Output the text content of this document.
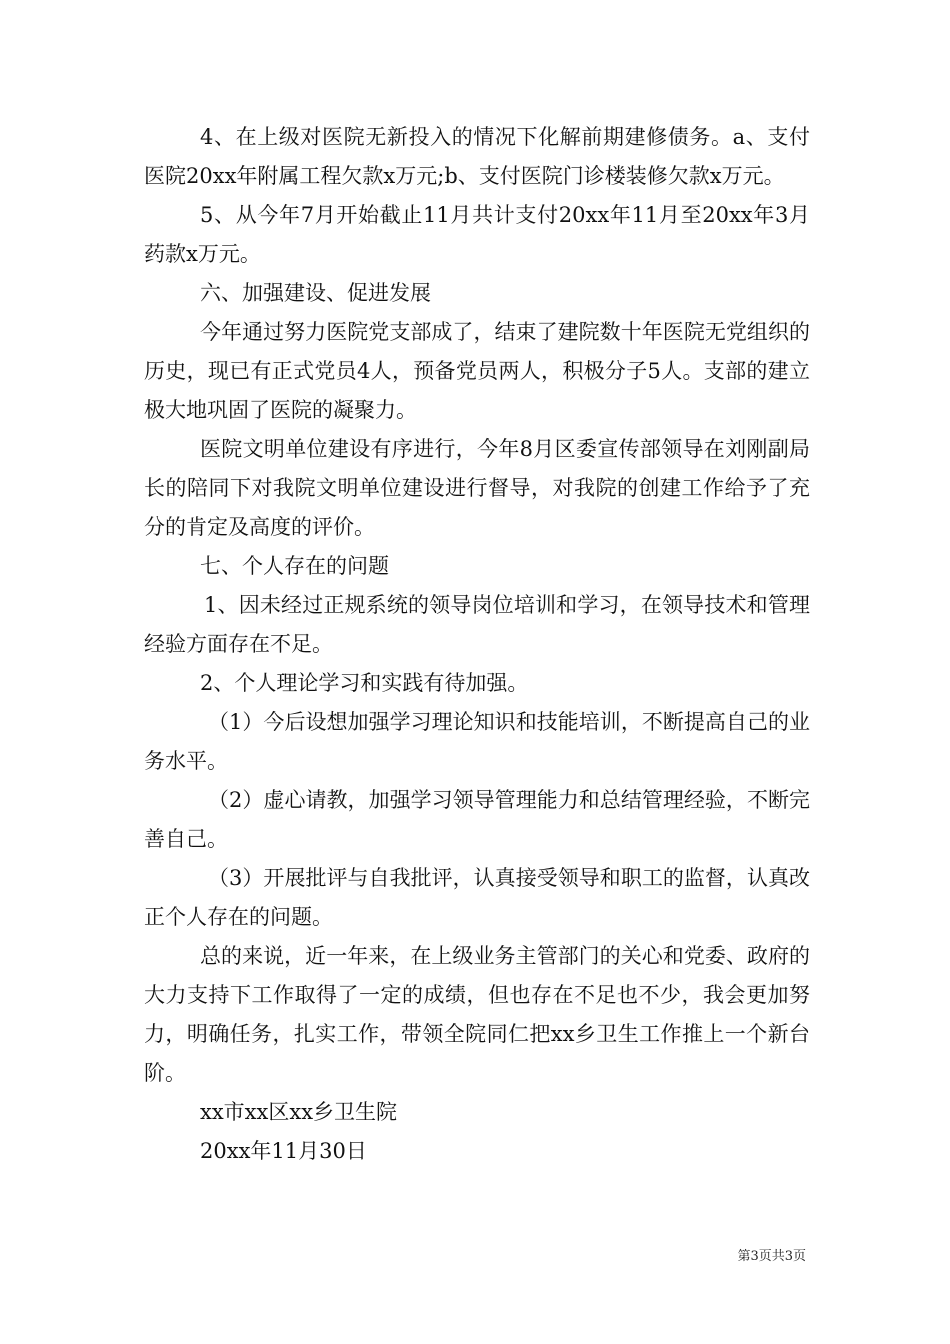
4、在上级对医院无新投入的情况下化解前期建修债务。a、支付医院20xx年附属工程欠款x万元;b、支付医院门诊楼装修欠款x万元。

5、从今年7月开始截止11月共计支付20xx年11月至20xx年3月药款x万元。

六、加强建设、促进发展

今年通过努力医院党支部成了，结束了建院数十年医院无党组织的历史，现已有正式党员4人，预备党员两人，积极分子5人。支部的建立极大地巩固了医院的凝聚力。

医院文明单位建设有序进行，今年8月区委宣传部领导在刘刚副局长的陪同下对我院文明单位建设进行督导，对我院的创建工作给予了充分的肯定及高度的评价。

七、个人存在的问题

1、因未经过正规系统的领导岗位培训和学习，在领导技术和管理经验方面存在不足。

2、个人理论学习和实践有待加强。

（1）今后设想加强学习理论知识和技能培训，不断提高自己的业务水平。

（2）虚心请教，加强学习领导管理能力和总结管理经验，不断完善自己。

（3）开展批评与自我批评，认真接受领导和职工的监督，认真改正个人存在的问题。

总的来说，近一年来，在上级业务主管部门的关心和党委、政府的大力支持下工作取得了一定的成绩，但也存在不足也不少，我会更加努力，明确任务，扎实工作，带领全院同仁把xx乡卫生工作推上一个新台阶。

xx市xx区xx乡卫生院

20xx年11月30日

第3页共3页
